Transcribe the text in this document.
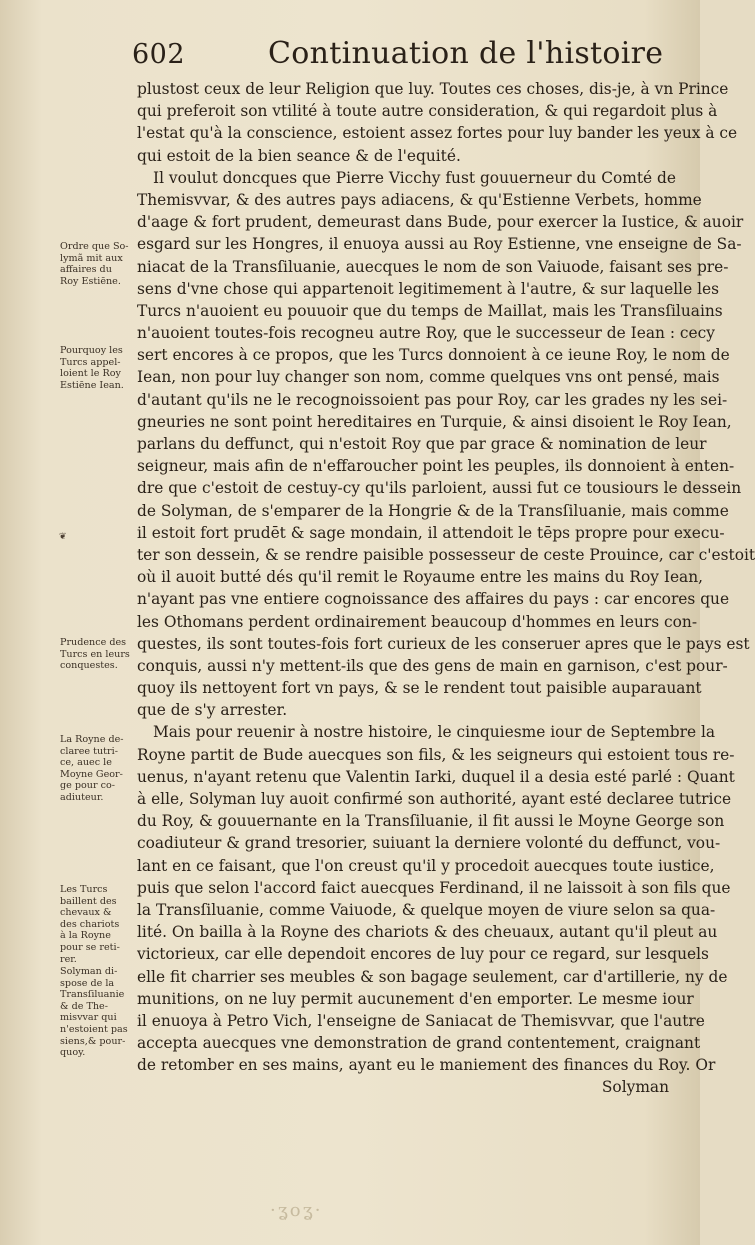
602	Continuation de l'histoire
Ordre que So-
lymã mit aux
affaires du
Roy Estiēne.
Pourquoy les
Turcs appel-
loient le Roy
Estiēne Iean.
Prudence des
Turcs en leurs
conquestes.
La Royne de-
claree tutri-
ce, auec le
Moyne Geor-
ge pour co-
adiuteur.
Les Turcs
baillent des
chevaux &
des chariots
à la Royne
pour se reti-
rer.
Solyman di-
spose de la
Transſiluanie
& de The-
misvvar qui
n'estoient pas
siens,& pour-
quoy.
❦
plustost ceux de leur Religion que luy. Toutes ces choses, dis-je, à vn Prince
qui preferoit son vtilité à toute autre consideration, & qui regardoit plus à
l'estat qu'à la conscience, estoient assez fortes pour luy bander les yeux à ce
qui estoit de la bien seance & de l'equité.
Il voulut doncques que Pierre Vicchy fust gouuerneur du Comté de
Themisvvar, & des autres pays adiacens, & qu'Estienne Verbets, homme
d'aage & fort prudent, demeurast dans Bude, pour exercer la Iustice, & auoir
esgard sur les Hongres, il enuoya aussi au Roy Estienne, vne enseigne de Sa-
niacat de la Transſiluanie, auecques le nom de son Vaiuode, faisant ses pre-
sens d'vne chose qui appartenoit legitimement à l'autre, & sur laquelle les
Turcs n'auoient eu pouuoir que du temps de Maillat, mais les Transſiluains
n'auoient toutes-fois recogneu autre Roy, que le successeur de Iean : cecy
sert encores à ce propos, que les Turcs donnoient à ce ieune Roy, le nom de
Iean, non pour luy changer son nom, comme quelques vns ont pensé, mais
d'autant qu'ils ne le recognoissoient pas pour Roy, car les grades ny les sei-
gneuries ne sont point hereditaires en Turquie, & ainsi disoient le Roy Iean,
parlans du deffunct, qui n'estoit Roy que par grace & nomination de leur
seigneur, mais afin de n'effaroucher point les peuples, ils donnoient à enten-
dre que c'estoit de cestuy-cy qu'ils parloient, aussi fut ce tousiours le dessein
de Solyman, de s'emparer de la Hongrie & de la Transſiluanie, mais comme
il estoit fort prudēt & sage mondain, il attendoit le tēps propre pour execu-
ter son dessein, & se rendre paisible possesseur de ceste Prouince, car c'estoit
où il auoit butté dés qu'il remit le Royaume entre les mains du Roy Iean,
n'ayant pas vne entiere cognoissance des affaires du pays : car encores que
les Othomans perdent ordinairement beaucoup d'hommes en leurs con-
questes, ils sont toutes-fois fort curieux de les conseruer apres que le pays est
conquis, aussi n'y mettent-ils que des gens de main en garnison, c'est pour-
quoy ils nettoyent fort vn pays, & se le rendent tout paisible auparauant
que de s'y arrester.
Mais pour reuenir à nostre histoire, le cinquiesme iour de Septembre la
Royne partit de Bude auecques son fils, & les seigneurs qui estoient tous re-
uenus, n'ayant retenu que Valentin Iarki, duquel il a desia esté parlé : Quant
à elle, Solyman luy auoit confirmé son authorité, ayant esté declaree tutrice
du Roy, & gouuernante en la Transſiluanie, il fit aussi le Moyne George son
coadiuteur & grand tresorier, suiuant la derniere volonté du deffunct, vou-
lant en ce faisant, que l'on creust qu'il y procedoit auecques toute iustice,
puis que selon l'accord faict auecques Ferdinand, il ne laissoit à son fils que
la Transſiluanie, comme Vaiuode, & quelque moyen de viure selon sa qua-
lité. On bailla à la Royne des chariots & des cheuaux, autant qu'il pleut au
victorieux, car elle dependoit encores de luy pour ce regard, sur lesquels
elle fit charrier ses meubles & son bagage seulement, car d'artillerie, ny de
munitions, on ne luy permit aucunement d'en emporter. Le mesme iour
il enuoya à Petro Vich, l'enseigne de Saniacat de Themisvvar, que l'autre
accepta auecques vne demonstration de grand contentement, craignant
de retomber en ses mains, ayant eu le maniement des finances du Roy. Or
Solyman
·ʓoʓ·
